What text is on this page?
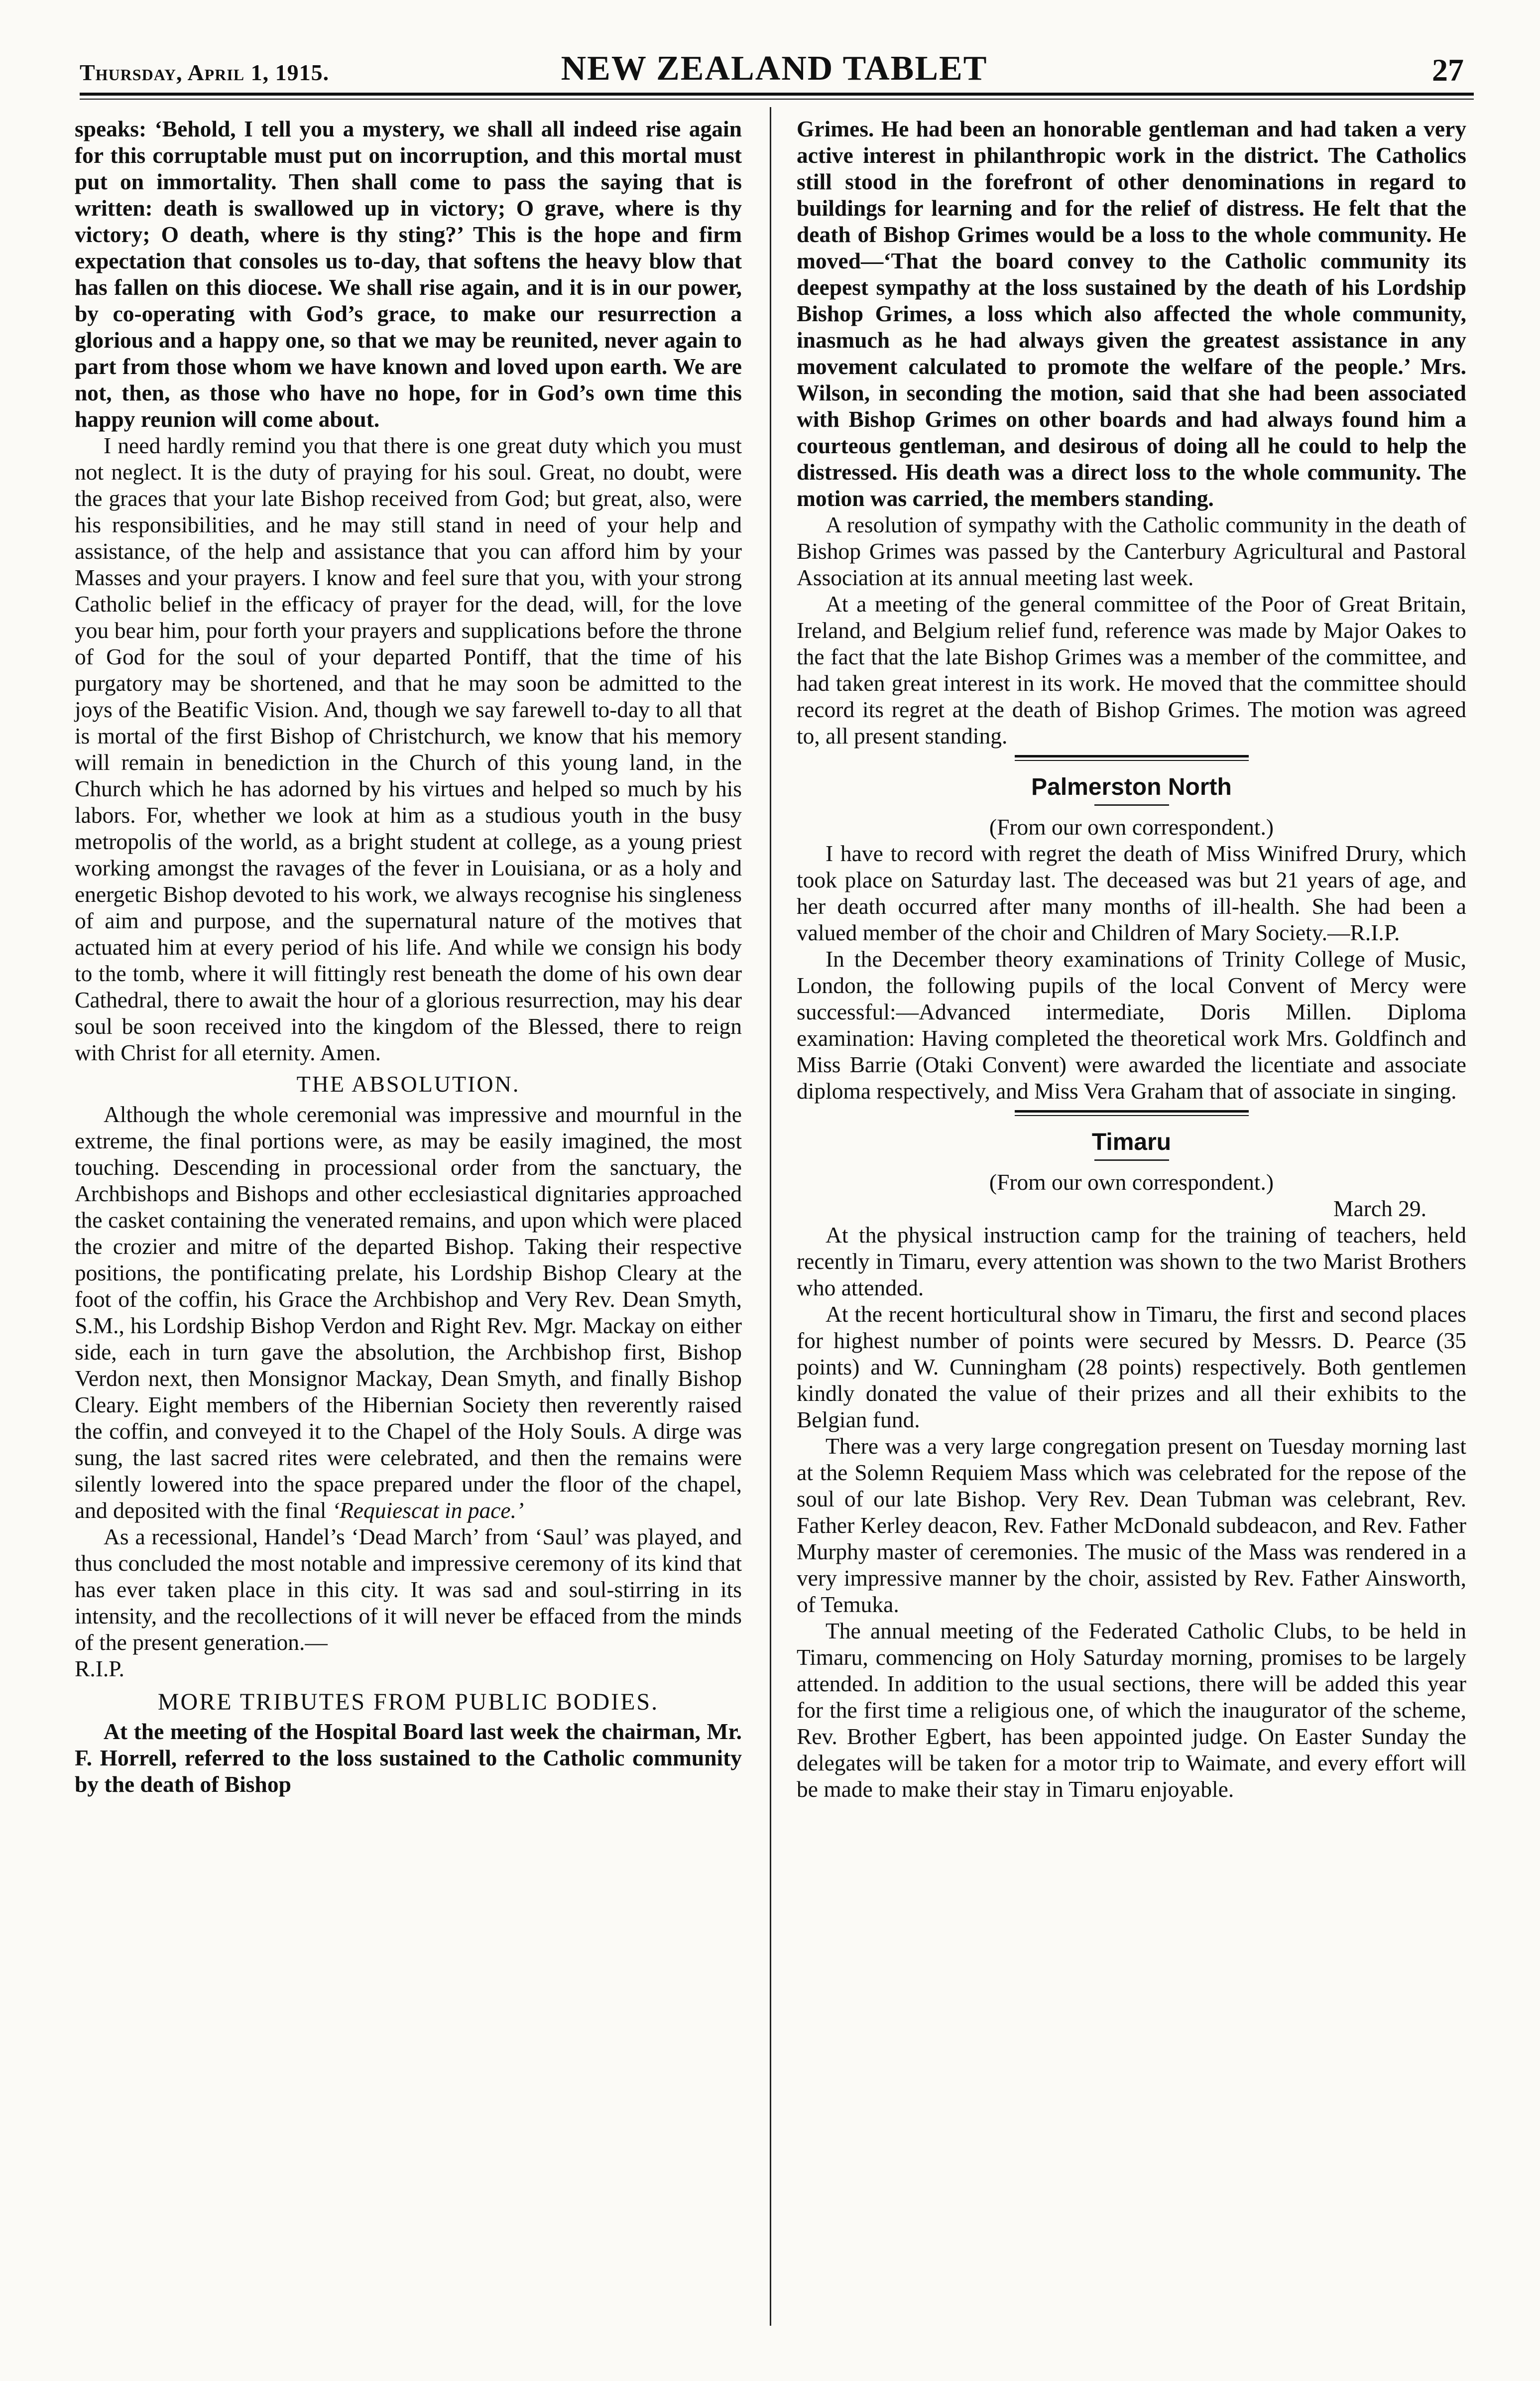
Thursday, April 1, 1915.	NEW ZEALAND TABLET	27

speaks: ‘Behold, I tell you a mystery, we shall all indeed rise again for this corruptable must put on incorruption, and this mortal must put on immortality. Then shall come to pass the saying that is written: death is swallowed up in victory; O grave, where is thy victory; O death, where is thy sting?’ This is the hope and firm expectation that consoles us to-day, that softens the heavy blow that has fallen on this diocese. We shall rise again, and it is in our power, by co-operating with God’s grace, to make our resurrection a glorious and a happy one, so that we may be reunited, never again to part from those whom we have known and loved upon earth. We are not, then, as those who have no hope, for in God’s own time this happy reunion will come about.

I need hardly remind you that there is one great duty which you must not neglect. It is the duty of praying for his soul. Great, no doubt, were the graces that your late Bishop received from God; but great, also, were his responsibilities, and he may still stand in need of your help and assistance, of the help and assistance that you can afford him by your Masses and your prayers. I know and feel sure that you, with your strong Catholic belief in the efficacy of prayer for the dead, will, for the love you bear him, pour forth your prayers and supplications before the throne of God for the soul of your departed Pontiff, that the time of his purgatory may be shortened, and that he may soon be admitted to the joys of the Beatific Vision. And, though we say farewell to-day to all that is mortal of the first Bishop of Christchurch, we know that his memory will remain in benediction in the Church of this young land, in the Church which he has adorned by his virtues and helped so much by his labors. For, whether we look at him as a studious youth in the busy metropolis of the world, as a bright student at college, as a young priest working amongst the ravages of the fever in Louisiana, or as a holy and energetic Bishop devoted to his work, we always recognise his singleness of aim and purpose, and the supernatural nature of the motives that actuated him at every period of his life. And while we consign his body to the tomb, where it will fittingly rest beneath the dome of his own dear Cathedral, there to await the hour of a glorious resurrection, may his dear soul be soon received into the kingdom of the Blessed, there to reign with Christ for all eternity. Amen.

THE ABSOLUTION.

Although the whole ceremonial was impressive and mournful in the extreme, the final portions were, as may be easily imagined, the most touching. Descending in processional order from the sanctuary, the Archbishops and Bishops and other ecclesiastical dignitaries approached the casket containing the venerated remains, and upon which were placed the crozier and mitre of the departed Bishop. Taking their respective positions, the pontificating prelate, his Lordship Bishop Cleary at the foot of the coffin, his Grace the Archbishop and Very Rev. Dean Smyth, S.M., his Lordship Bishop Verdon and Right Rev. Mgr. Mackay on either side, each in turn gave the absolution, the Archbishop first, Bishop Verdon next, then Monsignor Mackay, Dean Smyth, and finally Bishop Cleary. Eight members of the Hibernian Society then reverently raised the coffin, and conveyed it to the Chapel of the Holy Souls. A dirge was sung, the last sacred rites were celebrated, and then the remains were silently lowered into the space prepared under the floor of the chapel, and deposited with the final ‘Requiescat in pace.’

As a recessional, Handel’s ‘Dead March’ from ‘Saul’ was played, and thus concluded the most notable and impressive ceremony of its kind that has ever taken place in this city. It was sad and soul-stirring in its intensity, and the recollections of it will never be effaced from the minds of the present generation.—

R.I.P.

MORE TRIBUTES FROM PUBLIC BODIES.

At the meeting of the Hospital Board last week the chairman, Mr. F. Horrell, referred to the loss sustained to the Catholic community by the death of Bishop

Grimes. He had been an honorable gentleman and had taken a very active interest in philanthropic work in the district. The Catholics still stood in the forefront of other denominations in regard to buildings for learning and for the relief of distress. He felt that the death of Bishop Grimes would be a loss to the whole community. He moved—‘That the board convey to the Catholic community its deepest sympathy at the loss sustained by the death of his Lordship Bishop Grimes, a loss which also affected the whole community, inasmuch as he had always given the greatest assistance in any movement calculated to promote the welfare of the people.’ Mrs. Wilson, in seconding the motion, said that she had been associated with Bishop Grimes on other boards and had always found him a courteous gentleman, and desirous of doing all he could to help the distressed. His death was a direct loss to the whole community. The motion was carried, the members standing.

A resolution of sympathy with the Catholic community in the death of Bishop Grimes was passed by the Canterbury Agricultural and Pastoral Association at its annual meeting last week.

At a meeting of the general committee of the Poor of Great Britain, Ireland, and Belgium relief fund, reference was made by Major Oakes to the fact that the late Bishop Grimes was a member of the committee, and had taken great interest in its work. He moved that the committee should record its regret at the death of Bishop Grimes. The motion was agreed to, all present standing.

Palmerston North

(From our own correspondent.)

I have to record with regret the death of Miss Winifred Drury, which took place on Saturday last. The deceased was but 21 years of age, and her death occurred after many months of ill-health. She had been a valued member of the choir and Children of Mary Society.—R.I.P.

In the December theory examinations of Trinity College of Music, London, the following pupils of the local Convent of Mercy were successful:—Advanced intermediate, Doris Millen. Diploma examination: Having completed the theoretical work Mrs. Goldfinch and Miss Barrie (Otaki Convent) were awarded the licentiate and associate diploma respectively, and Miss Vera Graham that of associate in singing.

Timaru

(From our own correspondent.)

March 29.

At the physical instruction camp for the training of teachers, held recently in Timaru, every attention was shown to the two Marist Brothers who attended.

At the recent horticultural show in Timaru, the first and second places for highest number of points were secured by Messrs. D. Pearce (35 points) and W. Cunningham (28 points) respectively. Both gentlemen kindly donated the value of their prizes and all their exhibits to the Belgian fund.

There was a very large congregation present on Tuesday morning last at the Solemn Requiem Mass which was celebrated for the repose of the soul of our late Bishop. Very Rev. Dean Tubman was celebrant, Rev. Father Kerley deacon, Rev. Father McDonald subdeacon, and Rev. Father Murphy master of ceremonies. The music of the Mass was rendered in a very impressive manner by the choir, assisted by Rev. Father Ainsworth, of Temuka.

The annual meeting of the Federated Catholic Clubs, to be held in Timaru, commencing on Holy Saturday morning, promises to be largely attended. In addition to the usual sections, there will be added this year for the first time a religious one, of which the inaugurator of the scheme, Rev. Brother Egbert, has been appointed judge. On Easter Sunday the delegates will be taken for a motor trip to Waimate, and every effort will be made to make their stay in Timaru enjoyable.
